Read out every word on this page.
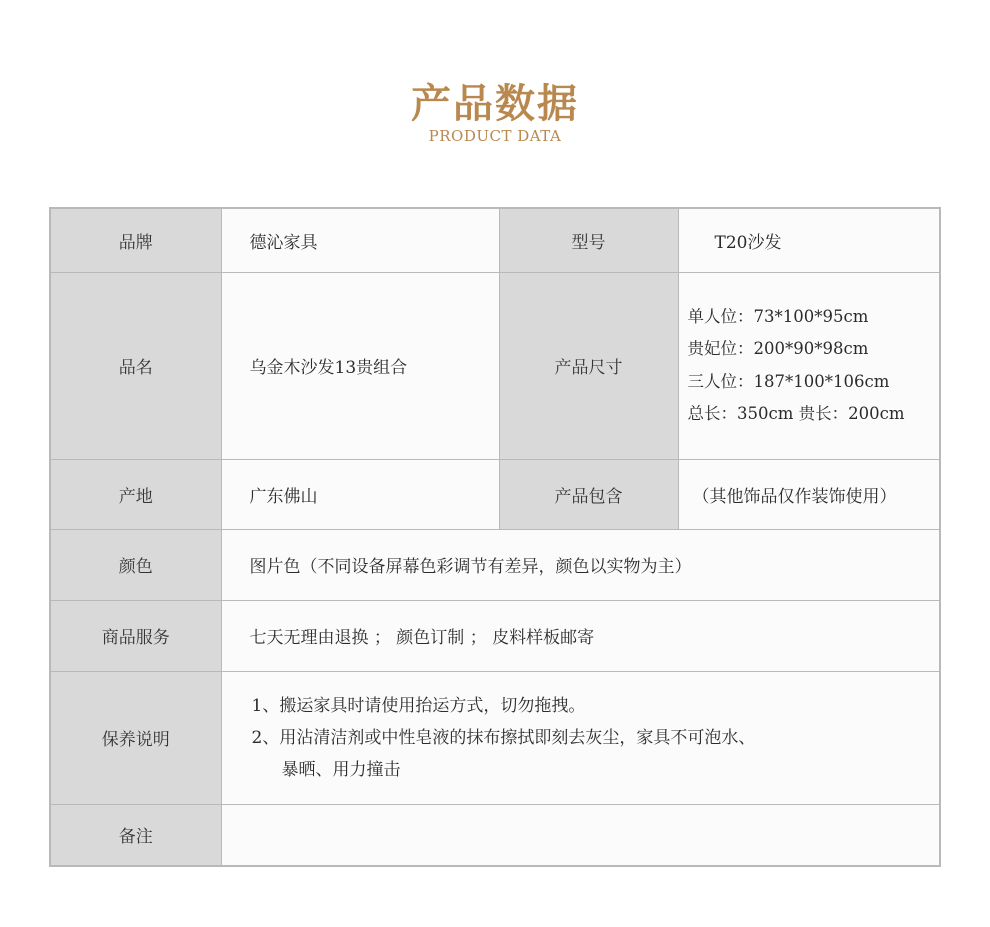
产品数据
PRODUCT DATA
品牌	德沁家具	型号	T20沙发
品名	乌金木沙发13贵组合	产品尺寸	单人位：73*100*95cm
贵妃位：200*90*98cm
三人位：187*100*106cm
总长：350cm 贵长：200cm

产地	广东佛山	产品包含	（其他饰品仅作装饰使用）
颜色	图片色（不同设备屏幕色彩调节有差异，颜色以实物为主）		
商品服务	七天无理由退换 ； 颜色订制 ； 皮料样板邮寄		
保养说明	1、搬运家具时请使用抬运方式，切勿拖拽。
2、用沾清洁剂或中性皂液的抹布擦拭即刻去灰尘，家具不可泡水、
暴晒、用力撞击		

备注			
